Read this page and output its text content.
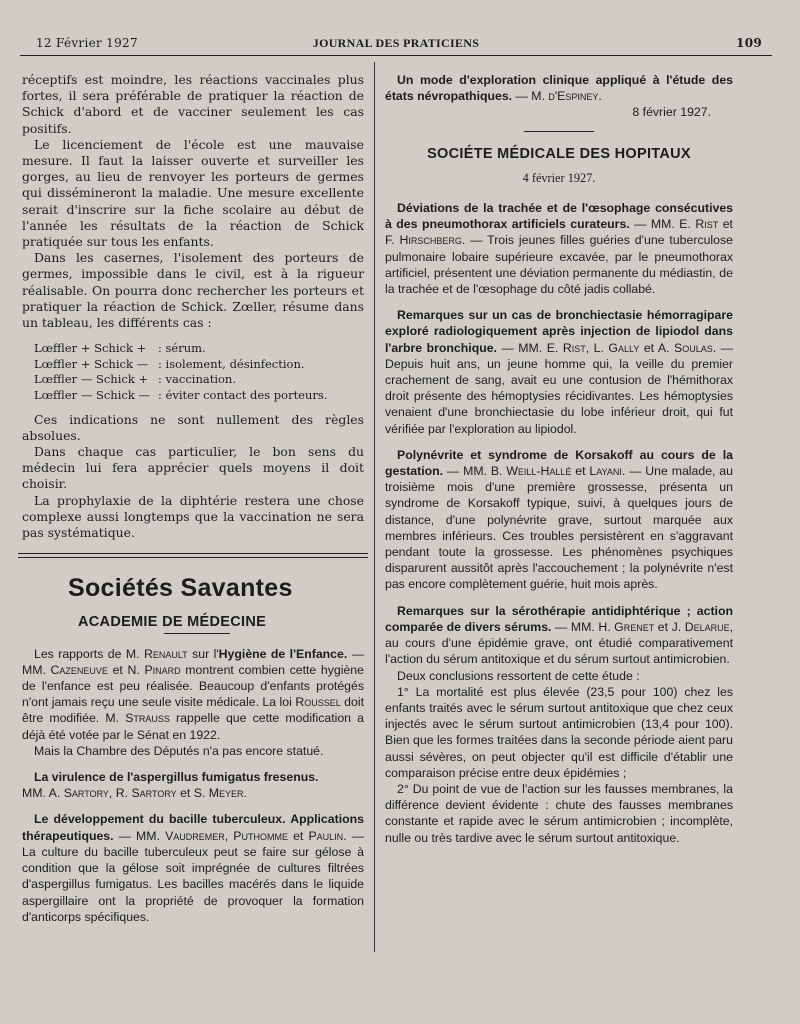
12 Février 1927	JOURNAL DES PRATICIENS	109

réceptifs est moindre, les réactions vaccinales plus fortes, il sera préférable de pratiquer la réaction de Schick d'abord et de vacciner seulement les cas positifs.

Le licenciement de l'école est une mauvaise mesure. Il faut la laisser ouverte et surveiller les gorges, au lieu de renvoyer les porteurs de germes qui dissémineront la maladie. Une mesure excellente serait d'inscrire sur la fiche scolaire au début de l'année les résultats de la réaction de Schick pratiquée sur tous les enfants.

Dans les casernes, l'isolement des porteurs de germes, impossible dans le civil, est à la rigueur réalisable. On pourra donc rechercher les porteurs et pratiquer la réaction de Schick. Zœller, résume dans un tableau, les différents cas :

Lœffler + Schick +	: sérum.
Lœffler + Schick — : isolement, désinfection.
Lœffler — Schick + : vaccination.
Lœffler — Schick — : éviter contact des porteurs.

Ces indications ne sont nullement des règles absolues.

Dans chaque cas particulier, le bon sens du médecin lui fera apprécier quels moyens il doit choisir.

La prophylaxie de la diphtérie restera une chose complexe aussi longtemps que la vaccination ne sera pas systématique.

Sociétés Savantes
ACADEMIE DE MÉDECINE

Les rapports de M. Renault sur l'Hygiène de l'Enfance. — MM. Cazeneuve et N. Pinard montrent combien cette hygiène de l'enfance est peu réalisée. Beaucoup d'enfants protégés n'ont jamais reçu une seule visite médicale. La loi Roussel doit être modifiée. M. Strauss rappelle que cette modification a déjà été votée par le Sénat en 1922.

Mais la Chambre des Députés n'a pas encore statué.

La virulence de l'aspergillus fumigatus fresenus.

MM. A. Sartory, R. Sartory et S. Meyer.

Le développement du bacille tuberculeux. Applications thérapeutiques. — MM. Vaudremer, Puthomme et Paulin. — La culture du bacille tuberculeux peut se faire sur gélose à condition que la gélose soit imprégnée de cultures filtrées d'aspergillus fumigatus. Les bacilles macérés dans le liquide aspergillaire ont la propriété de provoquer la formation d'anticorps spécifiques.

Un mode d'exploration clinique appliqué à l'étude des états névropathiques. — M. d'Espiney.

8 février 1927.

SOCIÉTE MÉDICALE DES HOPITAUX

4 février 1927.

Déviations de la trachée et de l'œsophage consécutives à des pneumothorax artificiels curateurs. — MM. E. Rist et F. Hirschberg. — Trois jeunes filles guéries d'une tuberculose pulmonaire lobaire supérieure excavée, par le pneumothorax artificiel, présentent une déviation permanente du médiastin, de la trachée et de l'œsophage du côté jadis collabé.

Remarques sur un cas de bronchiectasie hémorragipare exploré radiologiquement après injection de lipiodol dans l'arbre bronchique. — MM. E. Rist, L. Gally et A. Soulas. — Depuis huit ans, un jeune homme qui, la veille du premier crachement de sang, avait eu une contusion de l'hémithorax droit présente des hémoptysies récidivantes. Les hémoptysies venaient d'une bronchiectasie du lobe inférieur droit, qui fut vérifiée par l'exploration au lipiodol.

Polynévrite et syndrome de Korsakoff au cours de la gestation. — MM. B. Weill-Hallé et Layani. — Une malade, au troisième mois d'une première grossesse, présenta un syndrome de Korsakoff typique, suivi, à quelques jours de distance, d'une polynévrite grave, surtout marquée aux membres inférieurs. Ces troubles persistèrent en s'aggravant pendant toute la grossesse. Les phénomènes psychiques disparurent aussitôt après l'accouchement ; la polynévrite n'est pas encore complètement guérie, huit mois après.

Remarques sur la sérothérapie antidiphtérique ; action comparée de divers sérums. — MM. H. Grenet et J. Delarue, au cours d'une épidémie grave, ont étudié comparativement l'action du sérum antitoxique et du sérum surtout antimicrobien.

Deux conclusions ressortent de cette étude :

1° La mortalité est plus élevée (23,5 pour 100) chez les enfants traités avec le sérum surtout antitoxique que chez ceux injectés avec le sérum surtout antimicrobien (13,4 pour 100). Bien que les formes traitées dans la seconde période aient paru aussi sévères, on peut objecter qu'il est difficile d'établir une comparaison précise entre deux épidémies ;

2° Du point de vue de l'action sur les fausses membranes, la différence devient évidente : chute des fausses membranes constante et rapide avec le sérum antimicrobien ; incomplète, nulle ou très tardive avec le sérum surtout antitoxique.
